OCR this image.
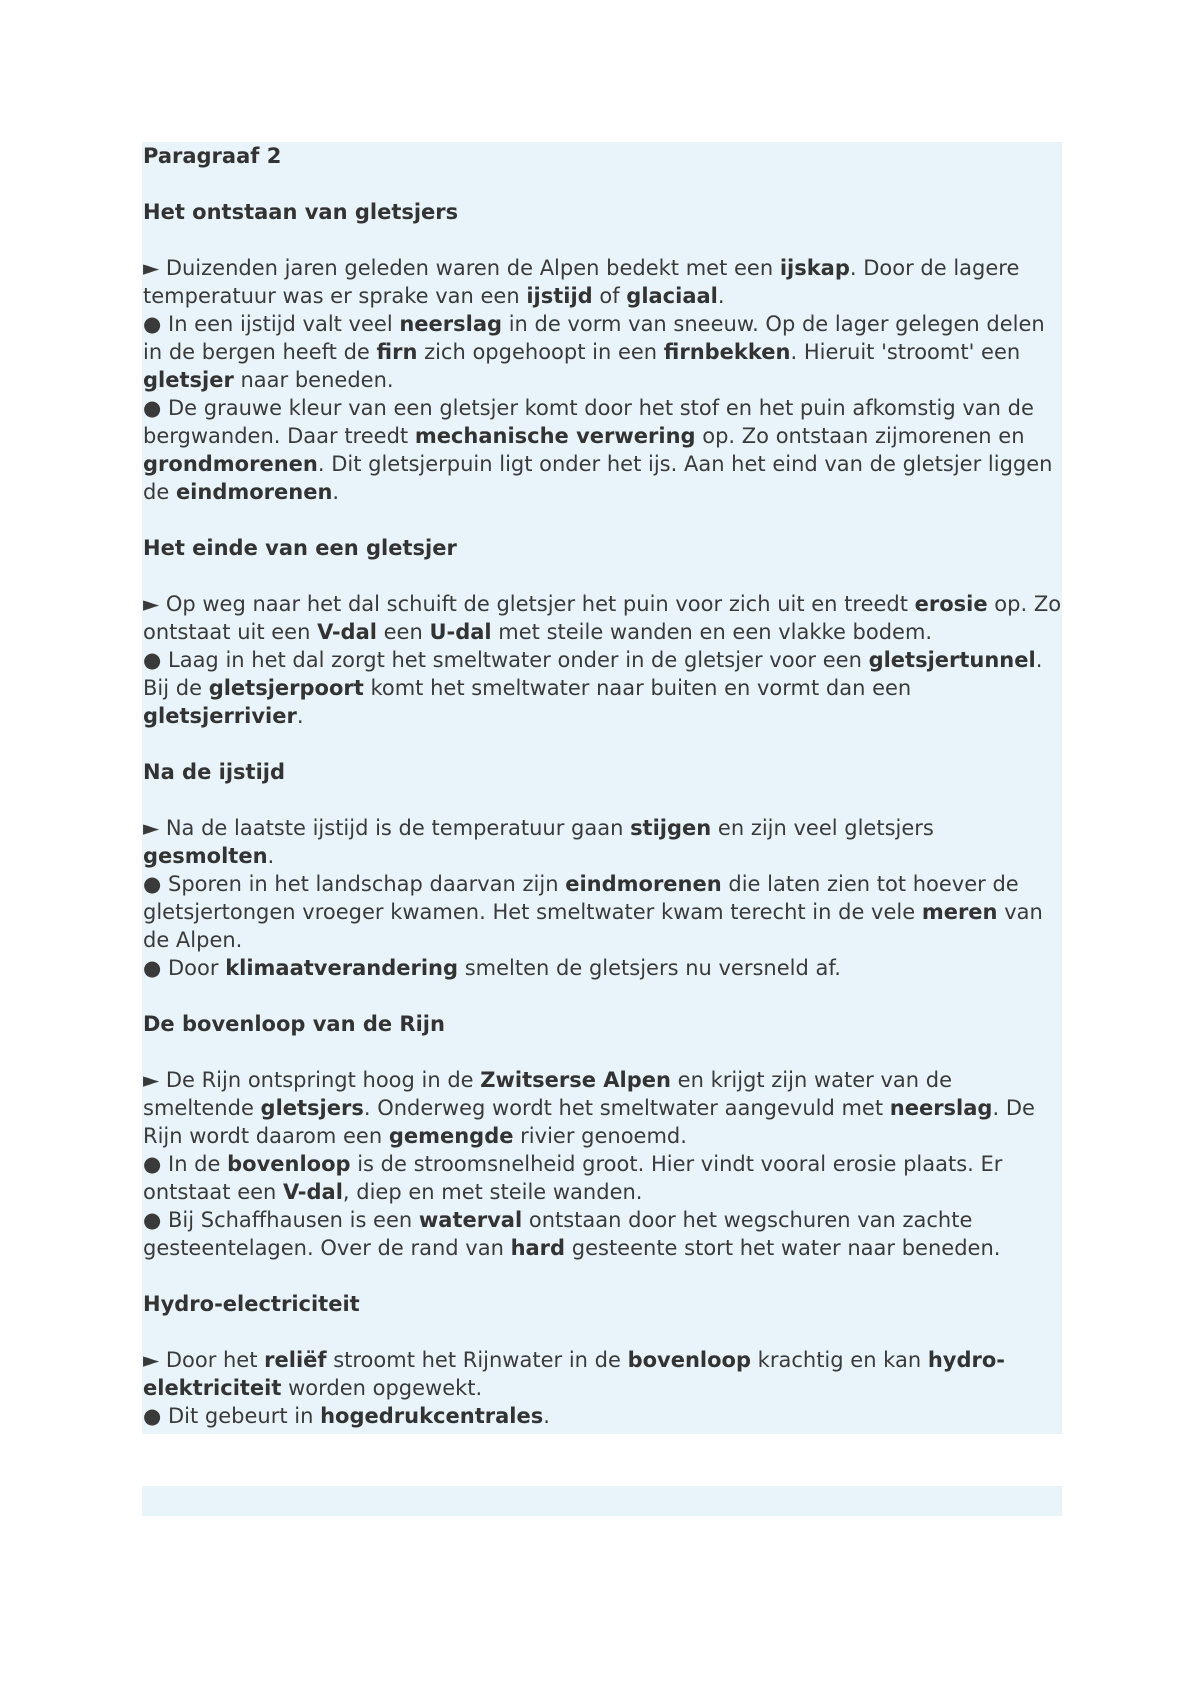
Paragraaf 2

Het ontstaan van gletsjers

► Duizenden jaren geleden waren de Alpen bedekt met een ijskap. Door de lagere temperatuur was er sprake van een ijstijd of glaciaal.

● In een ijstijd valt veel neerslag in de vorm van sneeuw. Op de lager gelegen delen in de bergen heeft de firn zich opgehoopt in een firnbekken. Hieruit 'stroomt' een gletsjer naar beneden.

● De grauwe kleur van een gletsjer komt door het stof en het puin afkomstig van de bergwanden. Daar treedt mechanische verwering op. Zo ontstaan zijmorenen en grondmorenen. Dit gletsjerpuin ligt onder het ijs. Aan het eind van de gletsjer liggen de eindmorenen.

Het einde van een gletsjer

► Op weg naar het dal schuift de gletsjer het puin voor zich uit en treedt erosie op. Zo ontstaat uit een V-dal een U-dal met steile wanden en een vlakke bodem.

● Laag in het dal zorgt het smeltwater onder in de gletsjer voor een gletsjertunnel. Bij de gletsjerpoort komt het smeltwater naar buiten en vormt dan een gletsjerrivier.

Na de ijstijd

► Na de laatste ijstijd is de temperatuur gaan stijgen en zijn veel gletsjers gesmolten.

● Sporen in het landschap daarvan zijn eindmorenen die laten zien tot hoever de gletsjertongen vroeger kwamen. Het smeltwater kwam terecht in de vele meren van de Alpen.

● Door klimaatverandering smelten de gletsjers nu versneld af.

De bovenloop van de Rijn

► De Rijn ontspringt hoog in de Zwitserse Alpen en krijgt zijn water van de smeltende gletsjers. Onderweg wordt het smeltwater aangevuld met neerslag. De Rijn wordt daarom een gemengde rivier genoemd.

● In de bovenloop is de stroomsnelheid groot. Hier vindt vooral erosie plaats. Er ontstaat een V-dal, diep en met steile wanden.

● Bij Schaffhausen is een waterval ontstaan door het wegschuren van zachte gesteentelagen. Over de rand van hard gesteente stort het water naar beneden.

Hydro-electriciteit

► Door het reliëf stroomt het Rijnwater in de bovenloop krachtig en kan hydro-elektriciteit worden opgewekt.

● Dit gebeurt in hogedrukcentrales.
